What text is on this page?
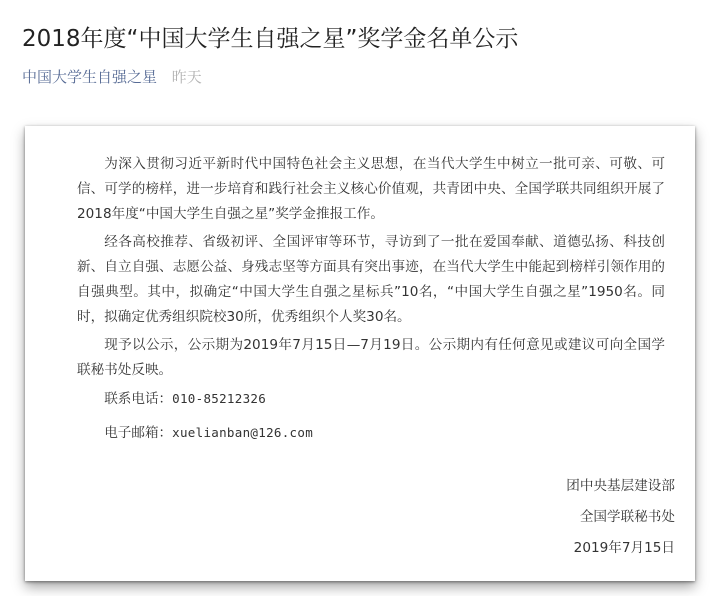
2018年度“中国大学生自强之星”奖学金名单公示
中国大学生自强之星 昨天

为深入贯彻习近平新时代中国特色社会主义思想，在当代大学生中树立一批可亲、可敬、可信、可学的榜样，进一步培育和践行社会主义核心价值观，共青团中央、全国学联共同组织开展了2018年度“中国大学生自强之星”奖学金推报工作。

经各高校推荐、省级初评、全国评审等环节，寻访到了一批在爱国奉献、道德弘扬、科技创新、自立自强、志愿公益、身残志坚等方面具有突出事迹，在当代大学生中能起到榜样引领作用的自强典型。其中，拟确定“中国大学生自强之星标兵”10名，“中国大学生自强之星”1950名。同时，拟确定优秀组织院校30所，优秀组织个人奖30名。

现予以公示，公示期为2019年7月15日—7月19日。公示期内有任何意见或建议可向全国学联秘书处反映。

联系电话：010-85212326
电子邮箱：xuelianban@126.com
团中央基层建设部
全国学联秘书处
2019年7月15日
